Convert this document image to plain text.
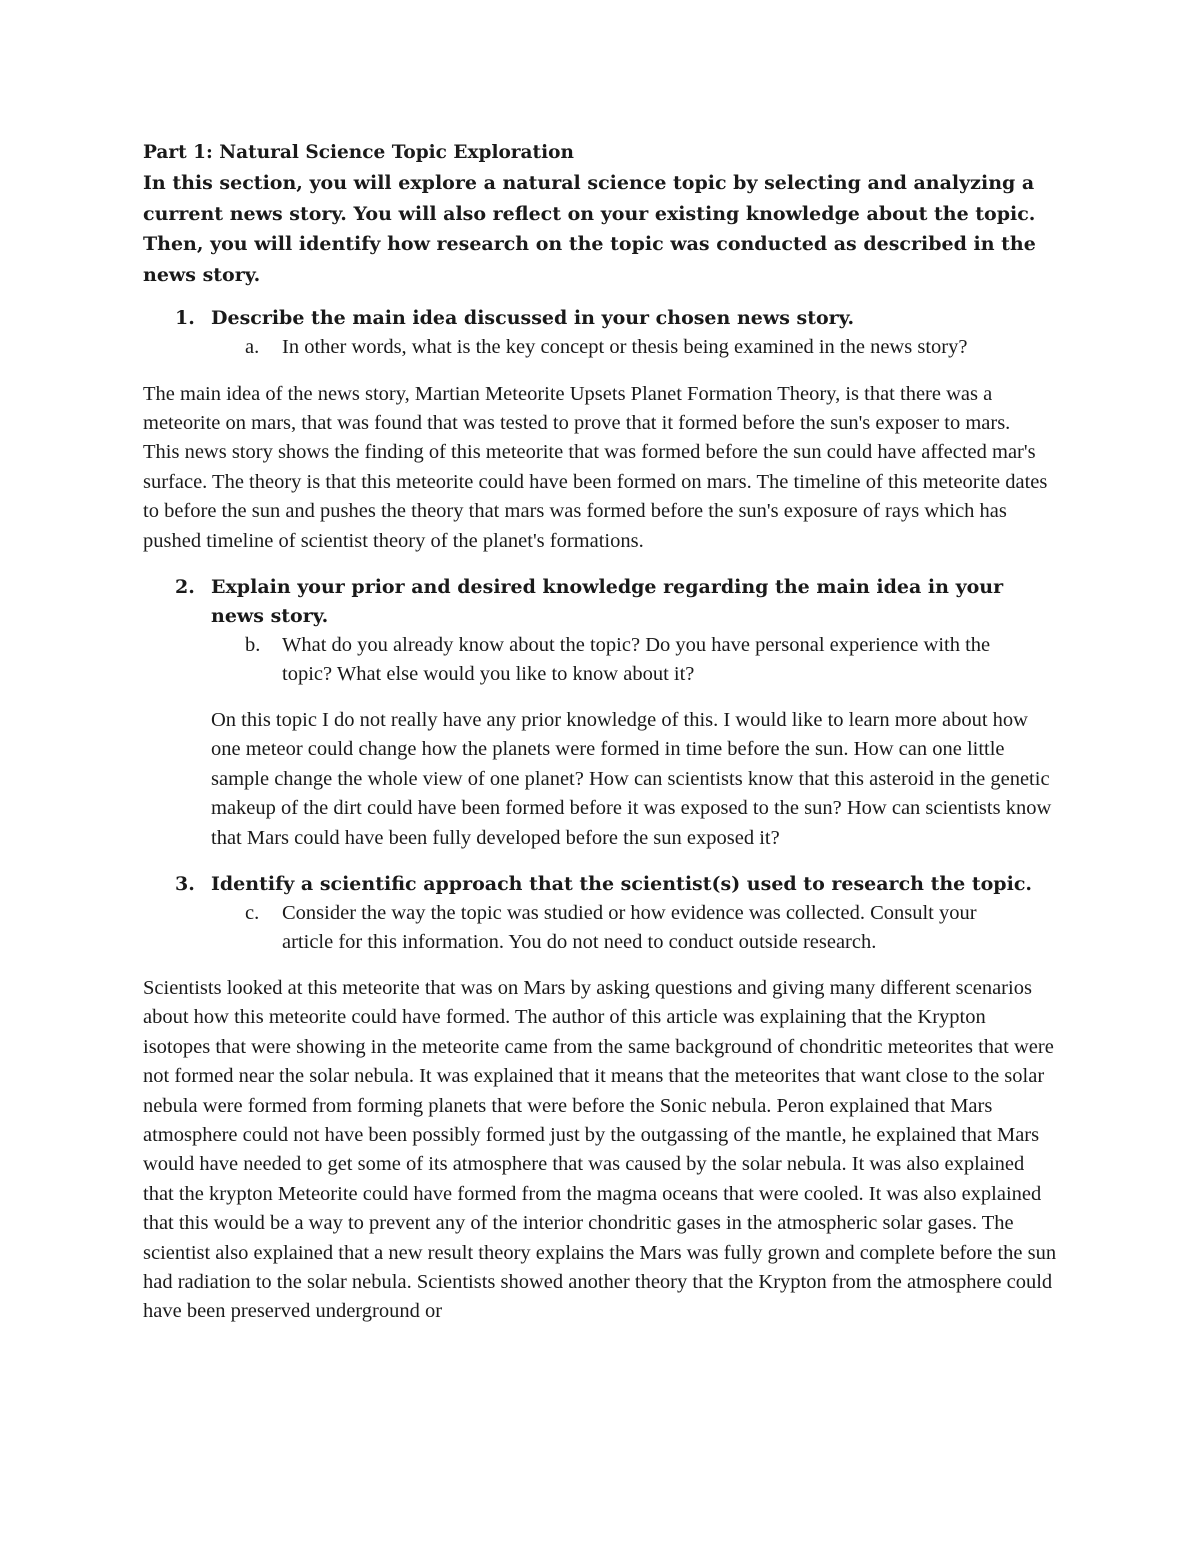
Part 1: Natural Science Topic Exploration

In this section, you will explore a natural science topic by selecting and analyzing a current news story. You will also reflect on your existing knowledge about the topic. Then, you will identify how research on the topic was conducted as described in the news story.

1. Describe the main idea discussed in your chosen news story.

a. In other words, what is the key concept or thesis being examined in the news story?

The main idea of the news story, Martian Meteorite Upsets Planet Formation Theory, is that there was a meteorite on mars, that was found that was tested to prove that it formed before the sun's exposer to mars. This news story shows the finding of this meteorite that was formed before the sun could have affected mar's surface. The theory is that this meteorite could have been formed on mars. The timeline of this meteorite dates to before the sun and pushes the theory that mars was formed before the sun's exposure of rays which has pushed timeline of scientist theory of the planet's formations.

2. Explain your prior and desired knowledge regarding the main idea in your news story.

b. What do you already know about the topic? Do you have personal experience with the topic? What else would you like to know about it?

On this topic I do not really have any prior knowledge of this. I would like to learn more about how one meteor could change how the planets were formed in time before the sun. How can one little sample change the whole view of one planet? How can scientists know that this asteroid in the genetic makeup of the dirt could have been formed before it was exposed to the sun? How can scientists know that Mars could have been fully developed before the sun exposed it?

3. Identify a scientific approach that the scientist(s) used to research the topic.

c. Consider the way the topic was studied or how evidence was collected. Consult your article for this information. You do not need to conduct outside research.

Scientists looked at this meteorite that was on Mars by asking questions and giving many different scenarios about how this meteorite could have formed. The author of this article was explaining that the Krypton isotopes that were showing in the meteorite came from the same background of chondritic meteorites that were not formed near the solar nebula. It was explained that it means that the meteorites that want close to the solar nebula were formed from forming planets that were before the Sonic nebula. Peron explained that Mars atmosphere could not have been possibly formed just by the outgassing of the mantle, he explained that Mars would have needed to get some of its atmosphere that was caused by the solar nebula. It was also explained that the krypton Meteorite could have formed from the magma oceans that were cooled. It was also explained that this would be a way to prevent any of the interior chondritic gases in the atmospheric solar gases. The scientist also explained that a new result theory explains the Mars was fully grown and complete before the sun had radiation to the solar nebula. Scientists showed another theory that the Krypton from the atmosphere could have been preserved underground or
